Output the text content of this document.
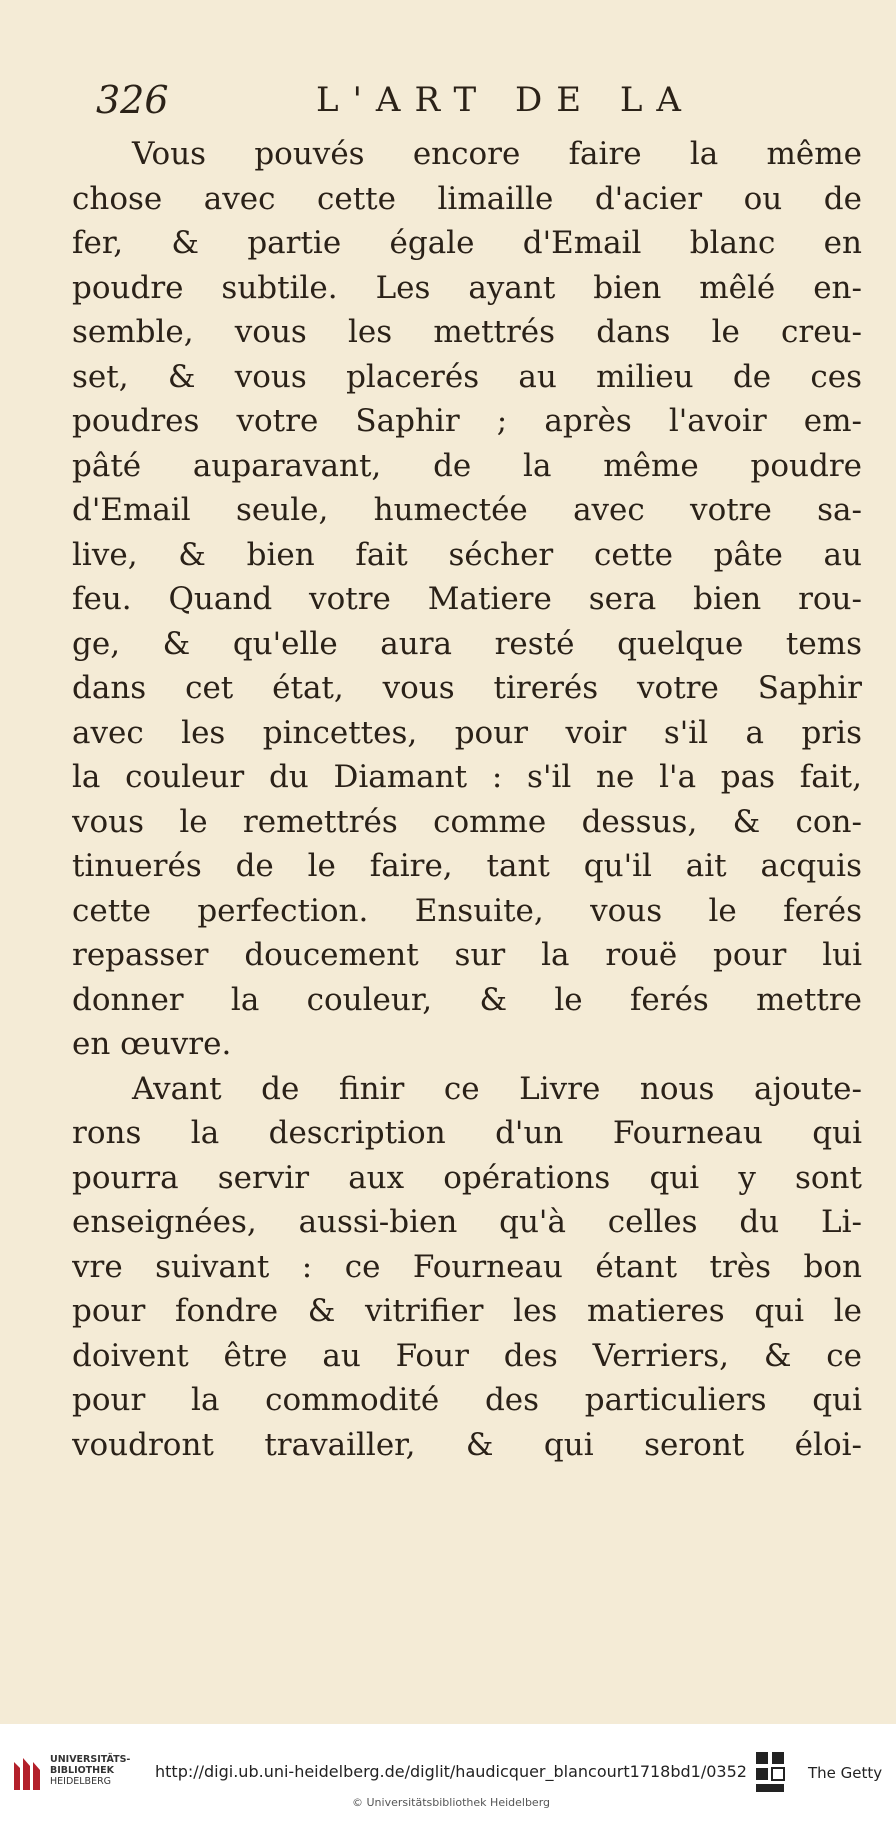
326	L'ART DE LA
Vous pouvés encore faire la même
chose avec cette limaille d'acier ou de
fer, & partie égale d'Email blanc en
poudre subtile. Les ayant bien mêlé en-
semble, vous les mettrés dans le creu-
set, & vous placerés au milieu de ces
poudres votre Saphir ; après l'avoir em-
pâté auparavant, de la même poudre
d'Email seule, humectée avec votre sa-
live, & bien fait sécher cette pâte au
feu. Quand votre Matiere sera bien rou-
ge, & qu'elle aura resté quelque tems
dans cet état, vous tirerés votre Saphir
avec les pincettes, pour voir s'il a pris
la couleur du Diamant : s'il ne l'a pas fait,
vous le remettrés comme dessus, & con-
tinuerés de le faire, tant qu'il ait acquis
cette perfection. Ensuite, vous le ferés
repasser doucement sur la rouë pour lui
donner la couleur, & le ferés mettre
en œuvre.
Avant de finir ce Livre nous ajoute-
rons la description d'un Fourneau qui
pourra servir aux opérations qui y sont
enseignées, aussi-bien qu'à celles du Li-
vre suivant : ce Fourneau étant très bon
pour fondre & vitrifier les matieres qui le
doivent être au Four des Verriers, & ce
pour la commodité des particuliers qui
voudront travailler, & qui seront éloi-
UNIVERSITÄTS-
BIBLIOTHEK
HEIDELBERG
http://digi.ub.uni-heidelberg.de/diglit/haudicquer_blancourt1718bd1/0352
© Universitätsbibliothek Heidelberg
The Getty
